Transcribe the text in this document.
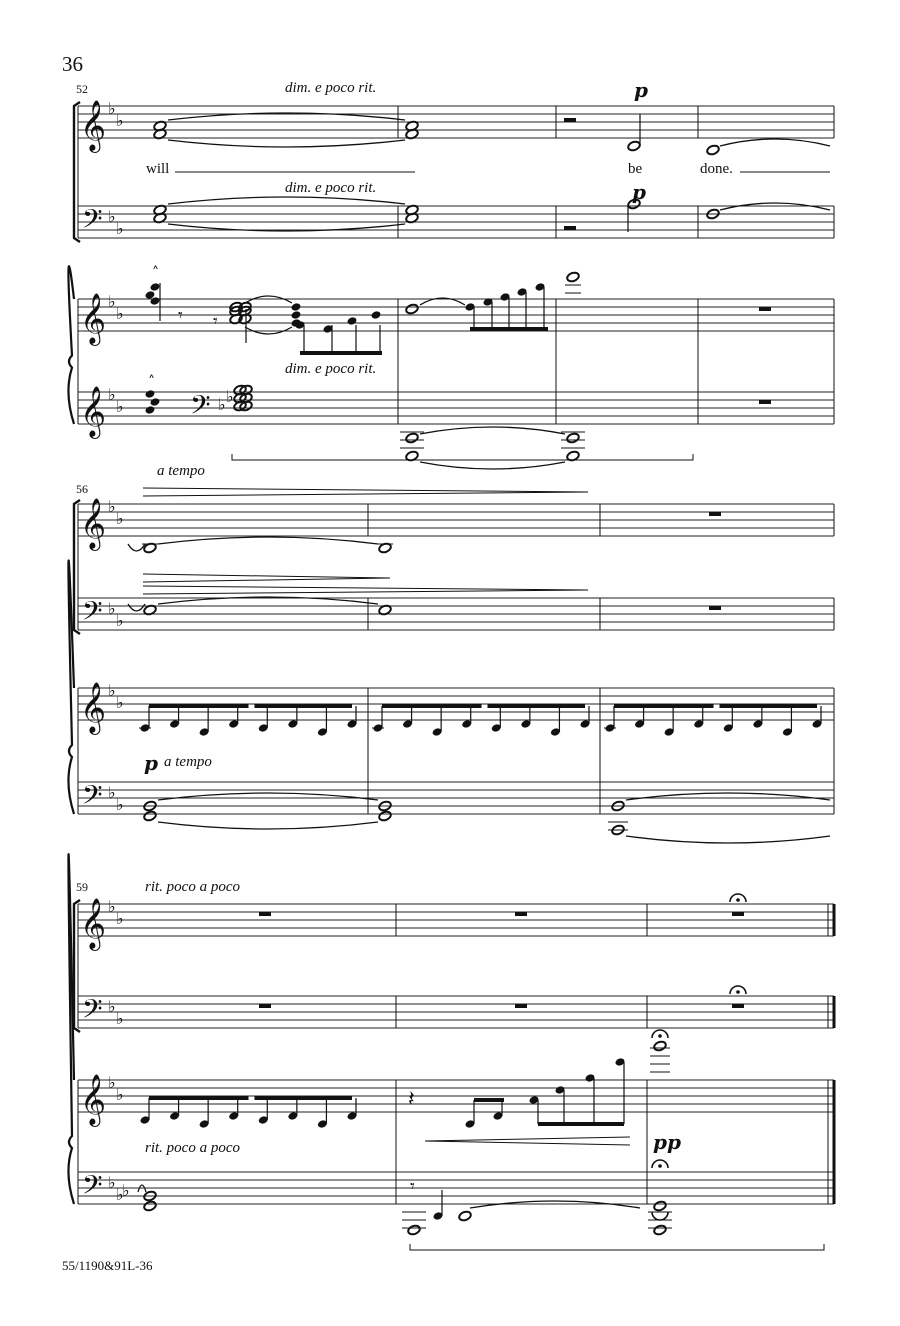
𝄞
𝄢
𝄞
𝄞
♭
♭
♭
♭
♭
♭
♭
♭
˄
𝄾 𝄾
˄
𝄢 ♭ ♭
𝄞
𝄢
𝄞
𝄢
♭
♭
♭
♭
♭
♭
♭
♭
𝄞
𝄢
𝄞
𝄢
♭
♭
♭
♭
♭
♭
♭
♭
𝄽
♭	𝄾
36
52	dim. e poco rit.
dim. e poco rit.
dim. e poco rit.
will	be	done.
p
p
56
a tempo
p a tempo
59	rit. poco a poco
rit. poco a poco	pp
55/1190&91L-36
